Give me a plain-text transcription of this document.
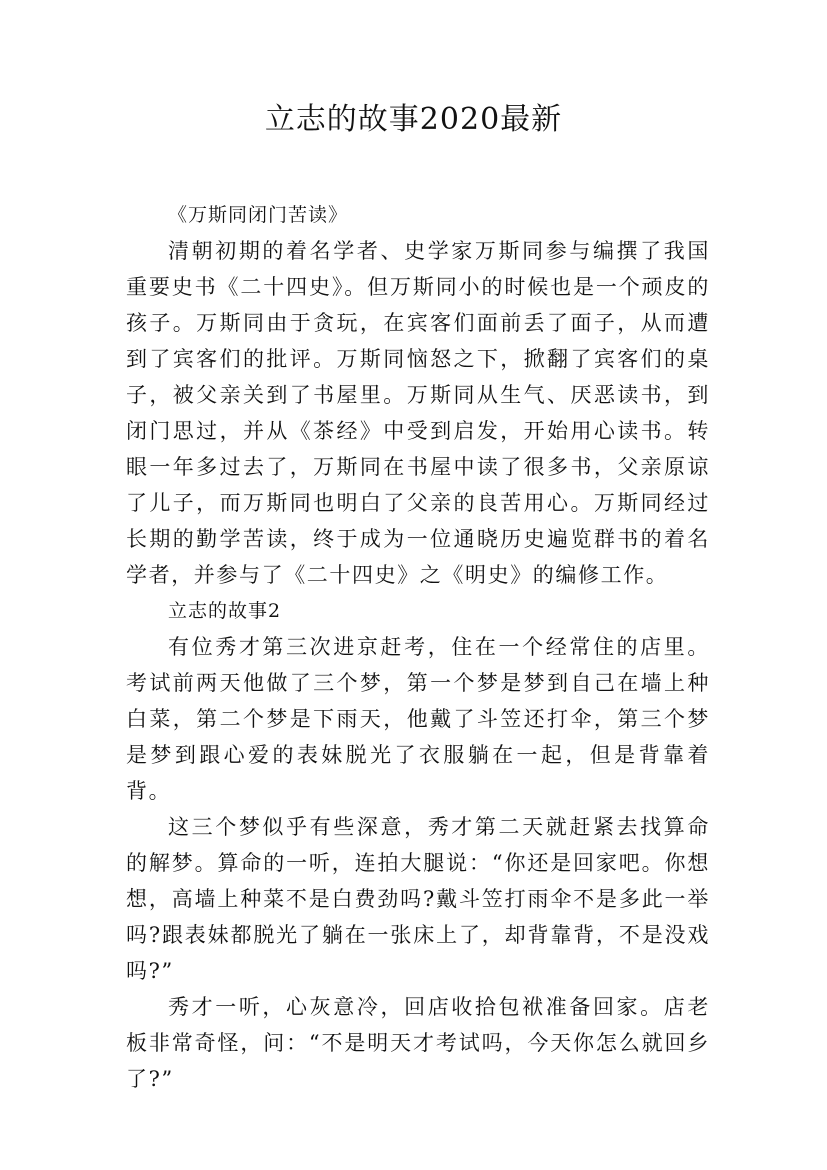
立志的故事2020最新

《万斯同闭门苦读》

清朝初期的着名学者、史学家万斯同参与编撰了我国重要史书《二十四史》。但万斯同小的时候也是一个顽皮的孩子。万斯同由于贪玩，在宾客们面前丢了面子，从而遭到了宾客们的批评。万斯同恼怒之下，掀翻了宾客们的桌子，被父亲关到了书屋里。万斯同从生气、厌恶读书，到闭门思过，并从《茶经》中受到启发，开始用心读书。转眼一年多过去了，万斯同在书屋中读了很多书，父亲原谅了儿子，而万斯同也明白了父亲的良苦用心。万斯同经过长期的勤学苦读，终于成为一位通晓历史遍览群书的着名学者，并参与了《二十四史》之《明史》的编修工作。

立志的故事2

有位秀才第三次进京赶考，住在一个经常住的店里。考试前两天他做了三个梦，第一个梦是梦到自己在墙上种白菜，第二个梦是下雨天，他戴了斗笠还打伞，第三个梦是梦到跟心爱的表妹脱光了衣服躺在一起，但是背靠着背。

这三个梦似乎有些深意，秀才第二天就赶紧去找算命的解梦。算命的一听，连拍大腿说：“你还是回家吧。你想想，高墙上种菜不是白费劲吗?戴斗笠打雨伞不是多此一举吗?跟表妹都脱光了躺在一张床上了，却背靠背，不是没戏吗?”

秀才一听，心灰意冷，回店收拾包袱准备回家。店老板非常奇怪，问：“不是明天才考试吗，今天你怎么就回乡了?”
